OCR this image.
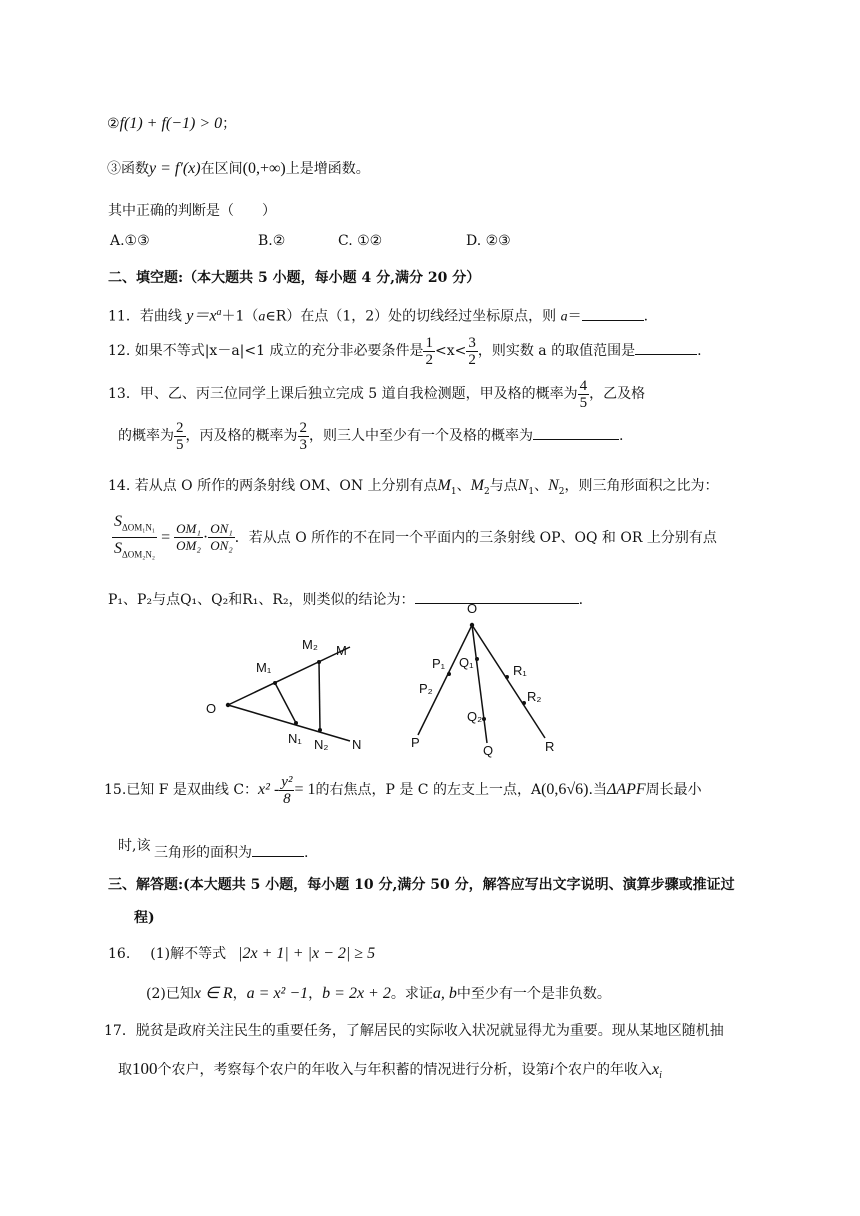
②f(1) + f(−1) > 0；
③函数y = f′(x)在区间(0,+∞)上是增函数。
其中正确的判断是（　　）
A.①③	B.②	C. ①②	D. ②③
二、填空题:（本大题共 5 小题，每小题 4 分,满分 20 分）
11．若曲线 $y=x^a+1(a\in R)$在点（1，2）处的切线经过坐标原点，则 a＝	.
12. 如果不等式|x－a|<1 成立的充分非必要条件是 $\frac{1}{2} <x< \frac{3}{2}$ ，则实数 a 的取值范围是	.
13．甲、乙、丙三位同学上课后独立完成 5 道自我检测题，甲及格的概率为 $\frac{4}{5}$ ，乙及格
的概率为 $\frac{2}{5}$ ，丙及格的概率为 $\frac{2}{3}$ ，则三人中至少有一个及格的概率为	.
14. 若从点 O 所作的两条射线 OM、ON 上分别有点$M_1$、$M_2$与点$N_1$、$N_2$，则三角形面积之比为：
$\frac{S_{\Delta OM_1N_1}}{S_{\Delta OM_2N_2}} = \frac{\text{OM₁}}{\text{OM₂}} \cdot \frac{\text{ON₁}}{\text{ON₂}}$ ．若从点 O 所作的不在同一个平面内的三条射线 OP、OQ 和 OR 上分别有点
P₁、P₂与点Q₁、Q₂和R₁、R₂，则类似的结论为：	.
O
M₁
M₂ M
N₁ N₂ N
O
P₁
P₂
P
Q₁
Q₂
Q
R₁
R₂
R
15.已知 F 是双曲线 C：$x^2 - \frac{\text{y²}}{8} = 1$的右焦点，P 是 C 的左支上一点，A(0,6√6).当ΔAPF周长最小
时,该 三角形的面积为	.
三、解答题:(本大题共 5 小题，每小题 10 分,满分 50 分，解答应写出文字说明、演算步骤或推证过
程)
16. (1)解不等式 |2x + 1| + |x − 2| ≥ 5
(2)已知x ∈ R，a = x² −1，b = 2x + 2。求证a, b中至少有一个是非负数。
17．脱贫是政府关注民生的重要任务，了解居民的实际收入状况就显得尤为重要。现从某地区随机抽
取100个农户，考察每个农户的年收入与年积蓄的情况进行分析，设第i个农户的年收入$x_i$
